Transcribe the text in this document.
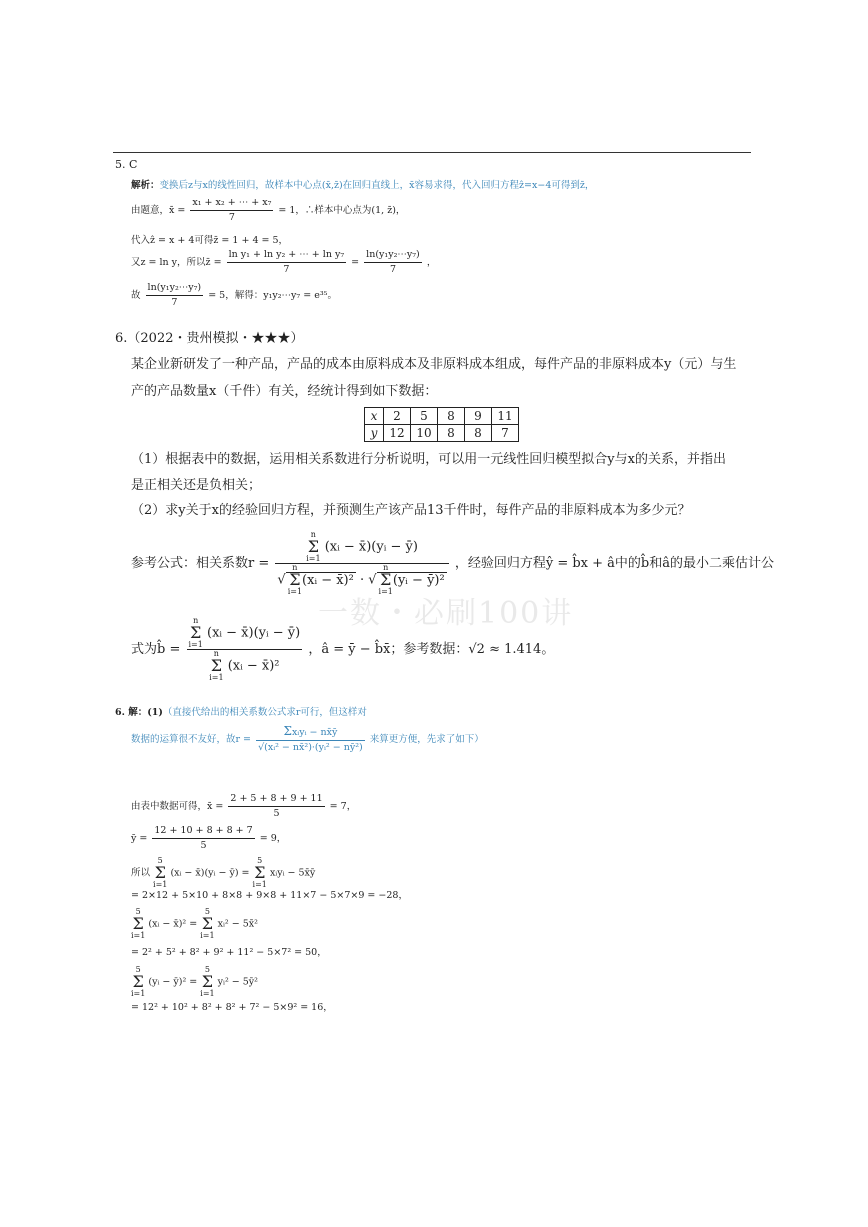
5. C
解析：变换后z与x的线性回归，故样本中心点(x̄,z̄)在回归直线上，x̄容易求得，代入回归方程ẑ=x−4可得到z̄，
由题意，x̄ = $\frac{\text{x₁ + x₂ + ⋯ + x₇}}{7} = 1$，∴样本中心点为(1, z̄)，
代入ẑ = x + 4可得z̄ = 1 + 4 = 5，
又z = ln y，所以z̄ = $\frac{\text{ln y₁ + ln y₂ + ⋯ + ln y₇}}{7} = \frac{\text{ln(y₁y₂⋯y₇)}}{7}$ ，
故 $\frac{\text{ln(y₁y₂⋯y₇)}}{7} = 5$，解得：y₁y₂⋯y₇ = e³⁵。
6.（2022・贵州模拟・★★★）
某企业新研发了一种产品，产品的成本由原料成本及非原料成本组成，每件产品的非原料成本y（元）与生
产的产品数量x（千件）有关，经统计得到如下数据：
x	2	5	8	9	11
y	12	10	8	8	7
（1）根据表中的数据，运用相关系数进行分析说明，可以用一元线性回归模型拟合y与x的关系，并指出
是正相关还是负相关；
（2）求y关于x的经验回归方程，并预测生产该产品13千件时，每件产品的非原料成本为多少元？
参考公式：相关系数r = n
Σ
i=1 (xᵢ − x̄)(yᵢ − ȳ)
√n
Σ
i=1(xᵢ − x̄)² · √n
Σ
i=1(yᵢ − ȳ)² ，经验回归方程ŷ = b̂x + â中的b̂和â的最小二乘估计公
一数・必刷100讲
式为b̂ = n
Σ
i=1 (xᵢ − x̄)(yᵢ − ȳ)
n
Σ
i=1 (xᵢ − x̄)² ，â = ȳ − b̂x̄；参考数据：√2 ≈ 1.414。
6. 解：(1)（直接代给出的相关系数公式求r可行，但这样对
数据的运算很不友好，故$r = \frac{\text{Σxᵢyᵢ − nx̄ȳ}}{\text{√(xᵢ² − nx̄²)·(yᵢ² − nȳ²)}}$ 来算更方便，先求了如下）
由表中数据可得，x̄ = $\frac{2 + 5 + 8 + 9 + 11}{5} = 7$，
ȳ = $\frac{12 + 10 + 8 + 8 + 7}{5} = 9$，
所以 5
Σ
i=1 (xᵢ − x̄)(yᵢ − ȳ) = 5
Σ
i=1 xᵢyᵢ − 5x̄ȳ
= 2×12 + 5×10 + 8×8 + 9×8 + 11×7 − 5×7×9 = −28，
5
Σ
i=1 (xᵢ − x̄)² = 5
Σ
i=1 xᵢ² − 5x̄²
= 2² + 5² + 8² + 9² + 11² − 5×7² = 50，
5
Σ
i=1 (yᵢ − ȳ)² = 5
Σ
i=1 yᵢ² − 5ȳ²
= 12² + 10² + 8² + 8² + 7² − 5×9² = 16，
